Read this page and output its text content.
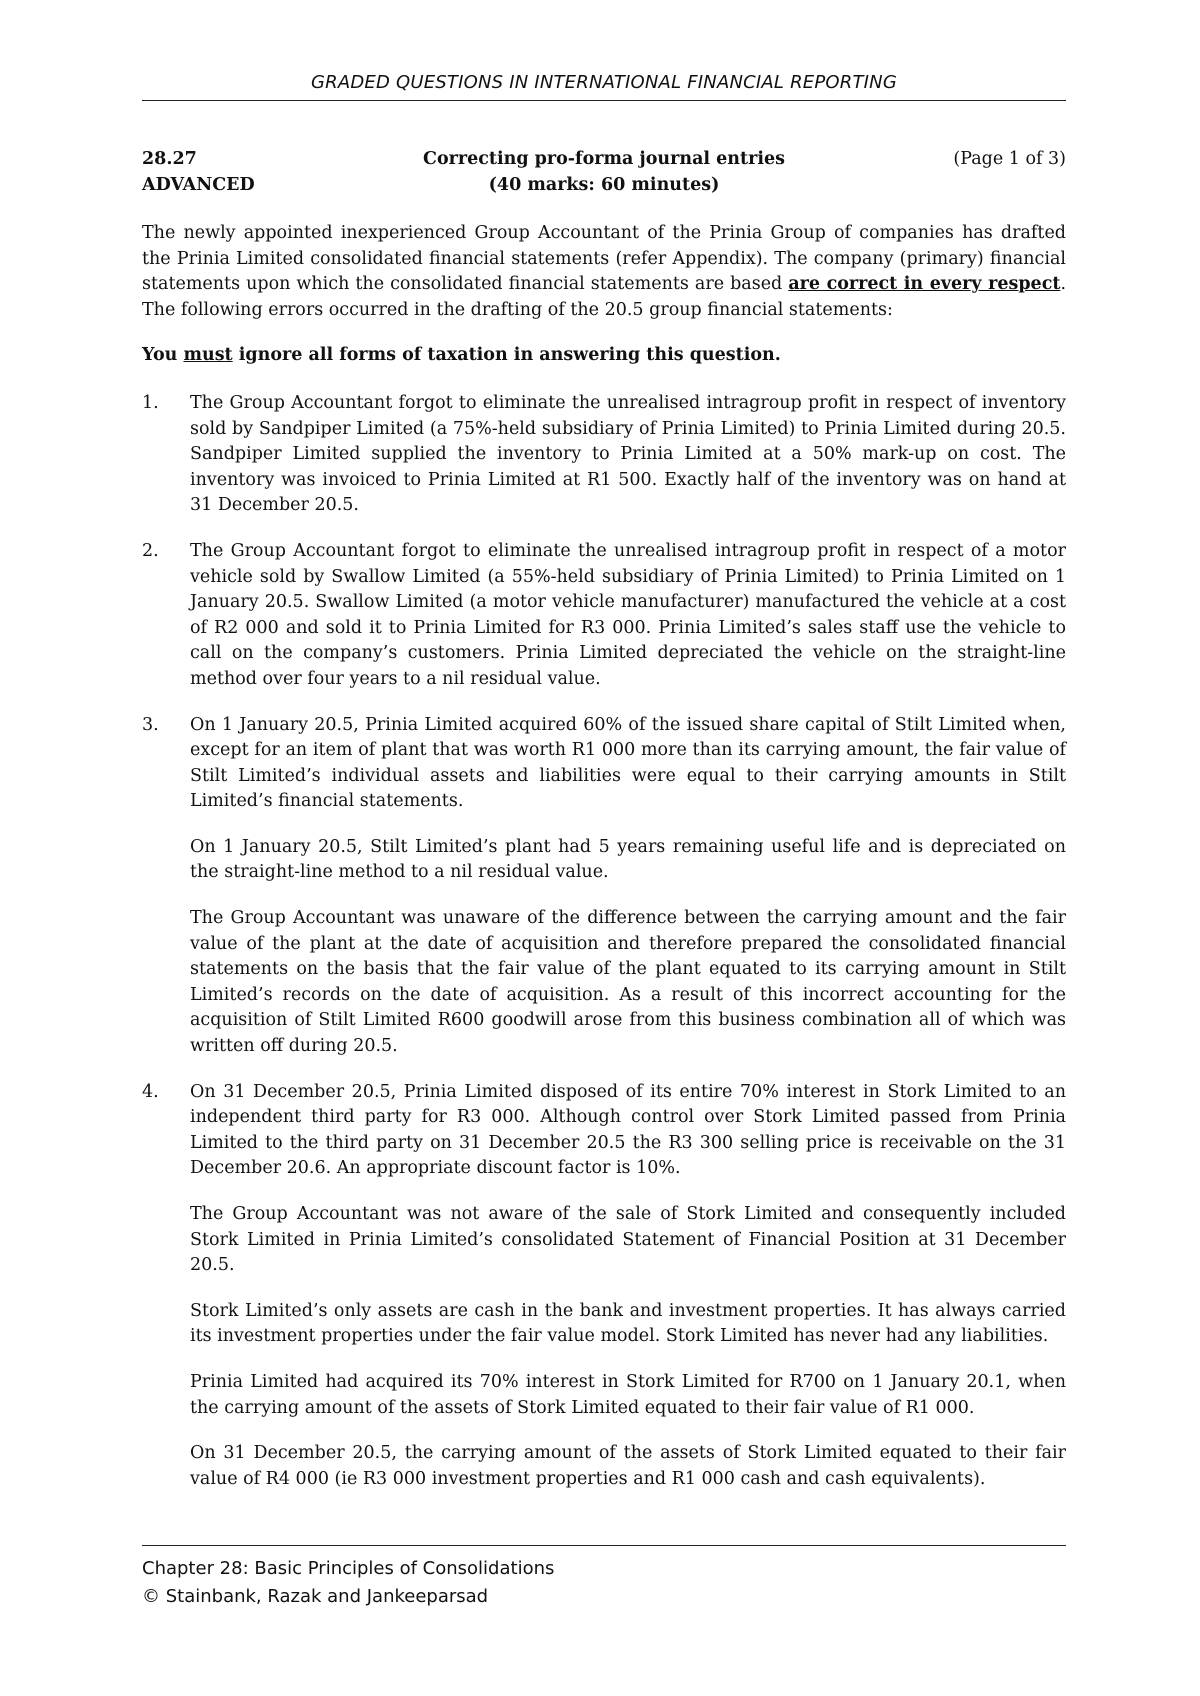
GRADED QUESTIONS IN INTERNATIONAL FINANCIAL REPORTING
28.27	Correcting pro-forma journal entries	(Page 1 of 3)
ADVANCED	(40 marks: 60 minutes)

The newly appointed inexperienced Group Accountant of the Prinia Group of companies has drafted the Prinia Limited consolidated financial statements (refer Appendix). The company (primary) financial statements upon which the consolidated financial statements are based are correct in every respect. The following errors occurred in the drafting of the 20.5 group financial statements:

You must ignore all forms of taxation in answering this question.

1. The Group Accountant forgot to eliminate the unrealised intragroup profit in respect of inventory sold by Sandpiper Limited (a 75%-held subsidiary of Prinia Limited) to Prinia Limited during 20.5. Sandpiper Limited supplied the inventory to Prinia Limited at a 50% mark-up on cost. The inventory was invoiced to Prinia Limited at R1 500. Exactly half of the inventory was on hand at 31 December 20.5.

2. The Group Accountant forgot to eliminate the unrealised intragroup profit in respect of a motor vehicle sold by Swallow Limited (a 55%-held subsidiary of Prinia Limited) to Prinia Limited on 1 January 20.5. Swallow Limited (a motor vehicle manufacturer) manufactured the vehicle at a cost of R2 000 and sold it to Prinia Limited for R3 000. Prinia Limited’s sales staff use the vehicle to call on the company’s customers. Prinia Limited depreciated the vehicle on the straight-line method over four years to a nil residual value.

3. On 1 January 20.5, Prinia Limited acquired 60% of the issued share capital of Stilt Limited when, except for an item of plant that was worth R1 000 more than its carrying amount, the fair value of Stilt Limited’s individual assets and liabilities were equal to their carrying amounts in Stilt Limited’s financial statements.

On 1 January 20.5, Stilt Limited’s plant had 5 years remaining useful life and is depreciated on the straight-line method to a nil residual value.

The Group Accountant was unaware of the difference between the carrying amount and the fair value of the plant at the date of acquisition and therefore prepared the consolidated financial statements on the basis that the fair value of the plant equated to its carrying amount in Stilt Limited’s records on the date of acquisition. As a result of this incorrect accounting for the acquisition of Stilt Limited R600 goodwill arose from this business combination all of which was written off during 20.5.

4. On 31 December 20.5, Prinia Limited disposed of its entire 70% interest in Stork Limited to an independent third party for R3 000. Although control over Stork Limited passed from Prinia Limited to the third party on 31 December 20.5 the R3 300 selling price is receivable on the 31 December 20.6. An appropriate discount factor is 10%.

The Group Accountant was not aware of the sale of Stork Limited and consequently included Stork Limited in Prinia Limited’s consolidated Statement of Financial Position at 31 December 20.5.

Stork Limited’s only assets are cash in the bank and investment properties. It has always carried its investment properties under the fair value model. Stork Limited has never had any liabilities.

Prinia Limited had acquired its 70% interest in Stork Limited for R700 on 1 January 20.1, when the carrying amount of the assets of Stork Limited equated to their fair value of R1 000.

On 31 December 20.5, the carrying amount of the assets of Stork Limited equated to their fair value of R4 000 (ie R3 000 investment properties and R1 000 cash and cash equivalents).

Chapter 28: Basic Principles of Consolidations
© Stainbank, Razak and Jankeeparsad
